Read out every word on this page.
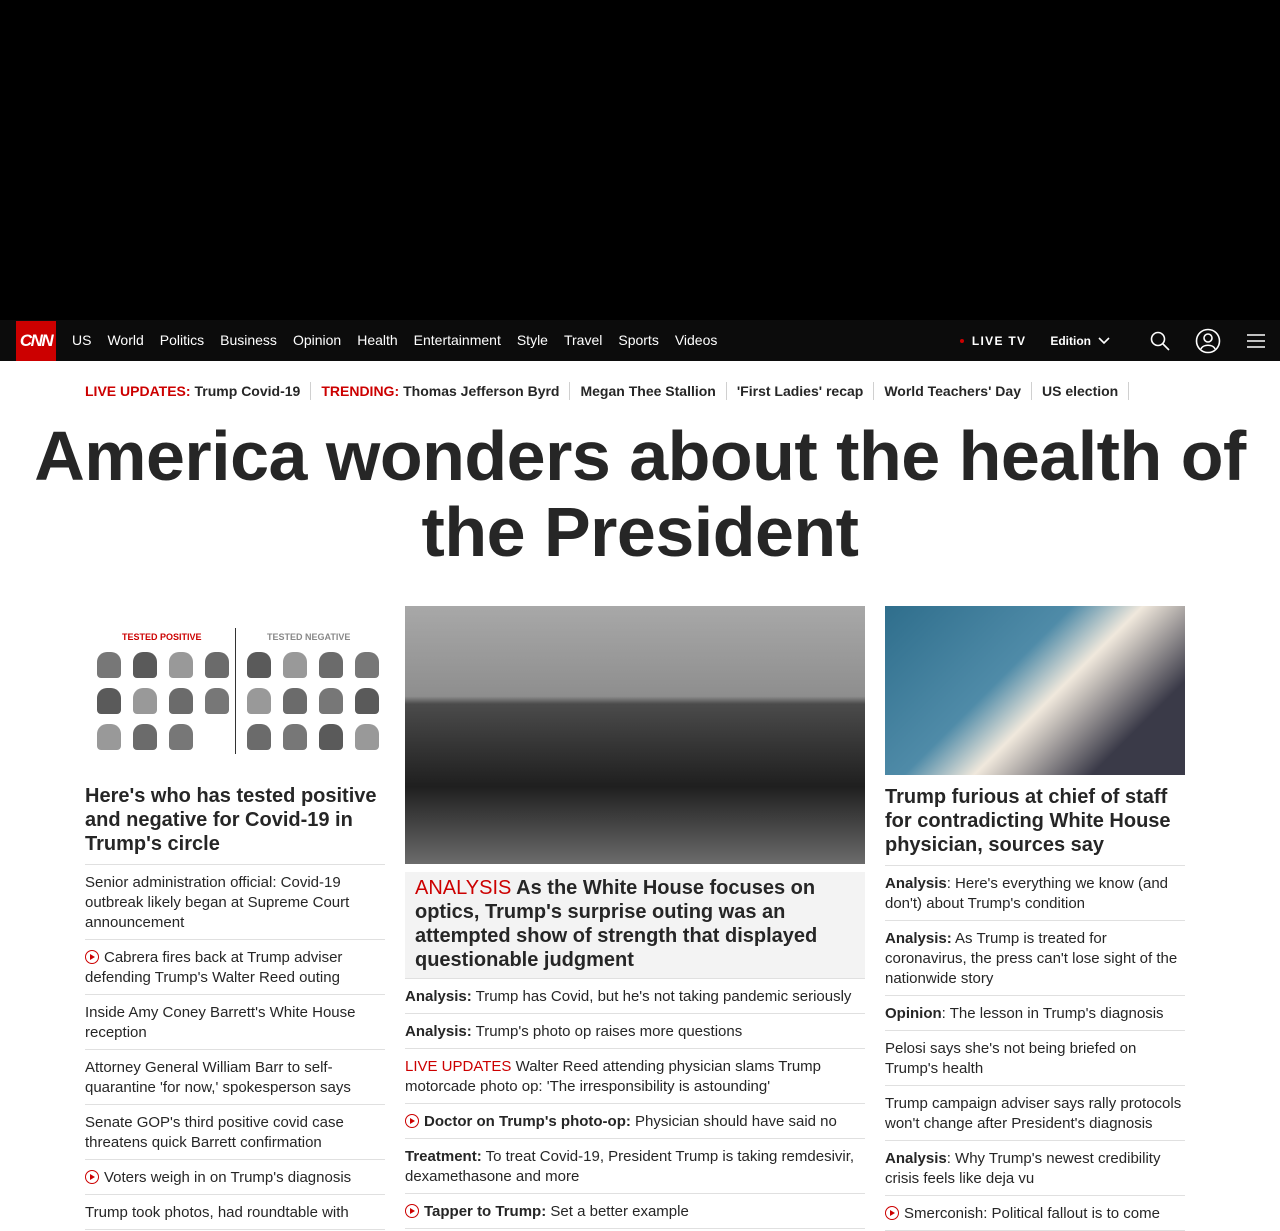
CNN	US	World	Politics	Business	Opinion	Health	Entertainment	Style	Travel	Sports	Videos	LIVE TV Edition
LIVE UPDATES: Trump Covid-19	TRENDING: Thomas Jefferson Byrd	Megan Thee Stallion	'First Ladies' recap	World Teachers' Day	US election
America wonders about the health of the President
TESTED POSITIVE	TESTED NEGATIVE
Here's who has tested positive and negative for Covid-19 in Trump's circle
Senior administration official: Covid-19 outbreak likely began at Supreme Court announcement
Cabrera fires back at Trump adviser defending Trump's Walter Reed outing
Inside Amy Coney Barrett's White House reception
Attorney General William Barr to self-quarantine 'for now,' spokesperson says
Senate GOP's third positive covid case threatens quick Barrett confirmation
Voters weigh in on Trump's diagnosis
Trump took photos, had roundtable with
ANALYSIS As the White House focuses on optics, Trump's surprise outing was an attempted show of strength that displayed questionable judgment
Analysis: Trump has Covid, but he's not taking pandemic seriously
Analysis: Trump's photo op raises more questions
LIVE UPDATES Walter Reed attending physician slams Trump motorcade photo op: 'The irresponsibility is astounding'
Doctor on Trump's photo-op: Physician should have said no
Treatment: To treat Covid-19, President Trump is taking remdesivir, dexamethasone and more
Tapper to Trump: Set a better example
Trump furious at chief of staff for contradicting White House physician, sources say
Analysis: Here's everything we know (and don't) about Trump's condition
Analysis: As Trump is treated for coronavirus, the press can't lose sight of the nationwide story
Opinion: The lesson in Trump's diagnosis
Pelosi says she's not being briefed on Trump's health
Trump campaign adviser says rally protocols won't change after President's diagnosis
Analysis: Why Trump's newest credibility crisis feels like deja vu
Smerconish: Political fallout is to come
